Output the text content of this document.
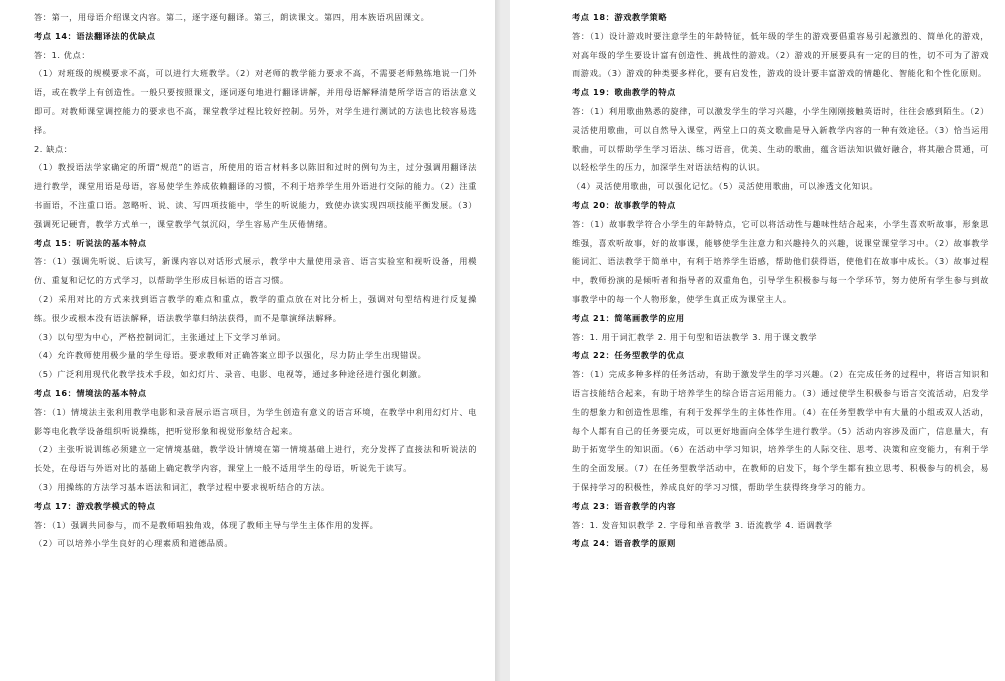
答：第一，用母语介绍课文内容。第二，逐字逐句翻译。第三，朗读课文。第四，用本族语巩固课文。

考点 14：语法翻译法的优缺点

答：1. 优点：

（1）对班级的规模要求不高，可以进行大班教学。（2）对老师的教学能力要求不高，不需要老师熟练地说一门外语，或在教学上有创造性。一般只要按照课文，逐词逐句地进行翻译讲解，并用母语解释清楚所学语言的语法意义即可。对教师课堂调控能力的要求也不高，课堂教学过程比较好控制。另外，对学生进行测试的方法也比较容易选择。

2. 缺点：

（1）教授语法学家确定的所谓“规范”的语言，所使用的语言材料多以陈旧和过时的例句为主，过分强调用翻译法进行教学，课堂用语是母语，容易使学生养成依赖翻译的习惯，不利于培养学生用外语进行交际的能力。（2）注重书面语，不注重口语。忽略听、说、读、写四项技能中，学生的听说能力，致使办读实现四项技能平衡发展。（3）强调死记硬背，教学方式单一，课堂教学气氛沉闷，学生容易产生厌倦情绪。

考点 15：听说法的基本特点

答：（1）强调先听说、后读写，新课内容以对话形式展示，教学中大量使用录音、语言实验室和视听设备，用模仿、重复和记忆的方式学习，以帮助学生形成目标语的语言习惯。

（2）采用对比的方式来找到语言教学的难点和重点，教学的重点放在对比分析上，强调对句型结构进行反复操练。很少或根本没有语法解释，语法教学靠归纳法获得，而不是靠演绎法解释。

（3）以句型为中心，严格控制词汇，主张通过上下文学习单词。

（4）允许教师使用极少量的学生母语。要求教师对正确答案立即予以强化，尽力防止学生出现错误。

（5）广泛利用现代化教学技术手段，如幻灯片、录音、电影、电视等，通过多种途径进行强化刺激。

考点 16：情境法的基本特点

答：（1）情境法主张利用教学电影和录音展示语言项目，为学生创造有意义的语言环境，在教学中利用幻灯片、电影等电化教学设备组织听说操练，把听觉形象和视觉形象结合起来。

（2）主张听说训练必须建立一定情境基础，教学设计情境在第一情境基础上进行，充分发挥了直接法和听说法的长处，在母语与外语对比的基础上确定教学内容，课堂上一般不适用学生的母语，听说先于读写。

（3）用操练的方法学习基本语法和词汇，教学过程中要求视听结合的方法。

考点 17：游戏教学模式的特点

答：（1）强调共同参与，而不是教师唱独角戏，体现了教师主导与学生主体作用的发挥。

（2）可以培养小学生良好的心理素质和道德品质。

考点 18：游戏教学策略

答：（1）设计游戏时要注意学生的年龄特征，低年级的学生的游戏要倡重容易引起激烈的、简单化的游戏，对高年级的学生要设计富有创造性、挑战性的游戏。（2）游戏的开展要具有一定的目的性，切不可为了游戏而游戏。（3）游戏的种类要多样化，要有启发性，游戏的设计要丰富游戏的情趣化、智能化和个性化原则。

考点 19：歌曲教学的特点

答：（1）利用歌曲熟悉的旋律，可以激发学生的学习兴趣，小学生刚刚接触英语时，往往会感到陌生。（2）灵活使用歌曲，可以自然导入课堂，两堂上口的英文歌曲是导入新教学内容的一种有效途径。（3）恰当运用歌曲，可以帮助学生学习语法、练习语音，优美、生动的歌曲，蕴含语法知识做好融合，将其融合贯通，可以轻松学生的压力，加深学生对语法结构的认识。

（4）灵活使用歌曲，可以强化记忆。（5）灵活使用歌曲，可以渗透文化知识。

考点 20：故事教学的特点

答：（1）故事教学符合小学生的年龄特点，它可以将活动性与趣味性结合起来，小学生喜欢听故事，形象思维强，喜欢听故事，好的故事课，能够使学生注意力和兴趣持久的兴趣，说课堂课堂学习中。（2）故事教学能词汇、语法教学于简单中，有利于培养学生语感，帮助他们获得语，使他们在故事中成长。（3）故事过程中，教师扮演的是倾听者和指导者的双重角色，引导学生积极参与每一个学环节，努力使所有学生参与到故事教学中的每一个人物形象，使学生真正成为课堂主人。

考点 21：简笔画教学的应用

答：1. 用于词汇教学 2. 用于句型和语法教学 3. 用于课文教学

考点 22：任务型教学的优点

答：（1）完成多种多样的任务活动，有助于激发学生的学习兴趣。（2）在完成任务的过程中，将语言知识和语言技能结合起来，有助于培养学生的综合语言运用能力。（3）通过使学生积极参与语言交流活动，启发学生的想象力和创造性思维，有利于发挥学生的主体性作用。（4）在任务型教学中有大量的小组或双人活动，每个人都有自己的任务要完成，可以更好地面向全体学生进行教学。（5）活动内容涉及面广，信息量大，有助于拓宽学生的知识面。（6）在活动中学习知识，培养学生的人际交往、思考、决策和应变能力，有利于学生的全面发展。（7）在任务型教学活动中，在教师的启发下，每个学生都有独立思考、积极参与的机会，易于保持学习的积极性，养成良好的学习习惯，帮助学生获得终身学习的能力。

考点 23：语音教学的内容

答：1. 发音知识教学 2. 字母和单音教学 3. 语流教学 4. 语调教学

考点 24：语音教学的原则
